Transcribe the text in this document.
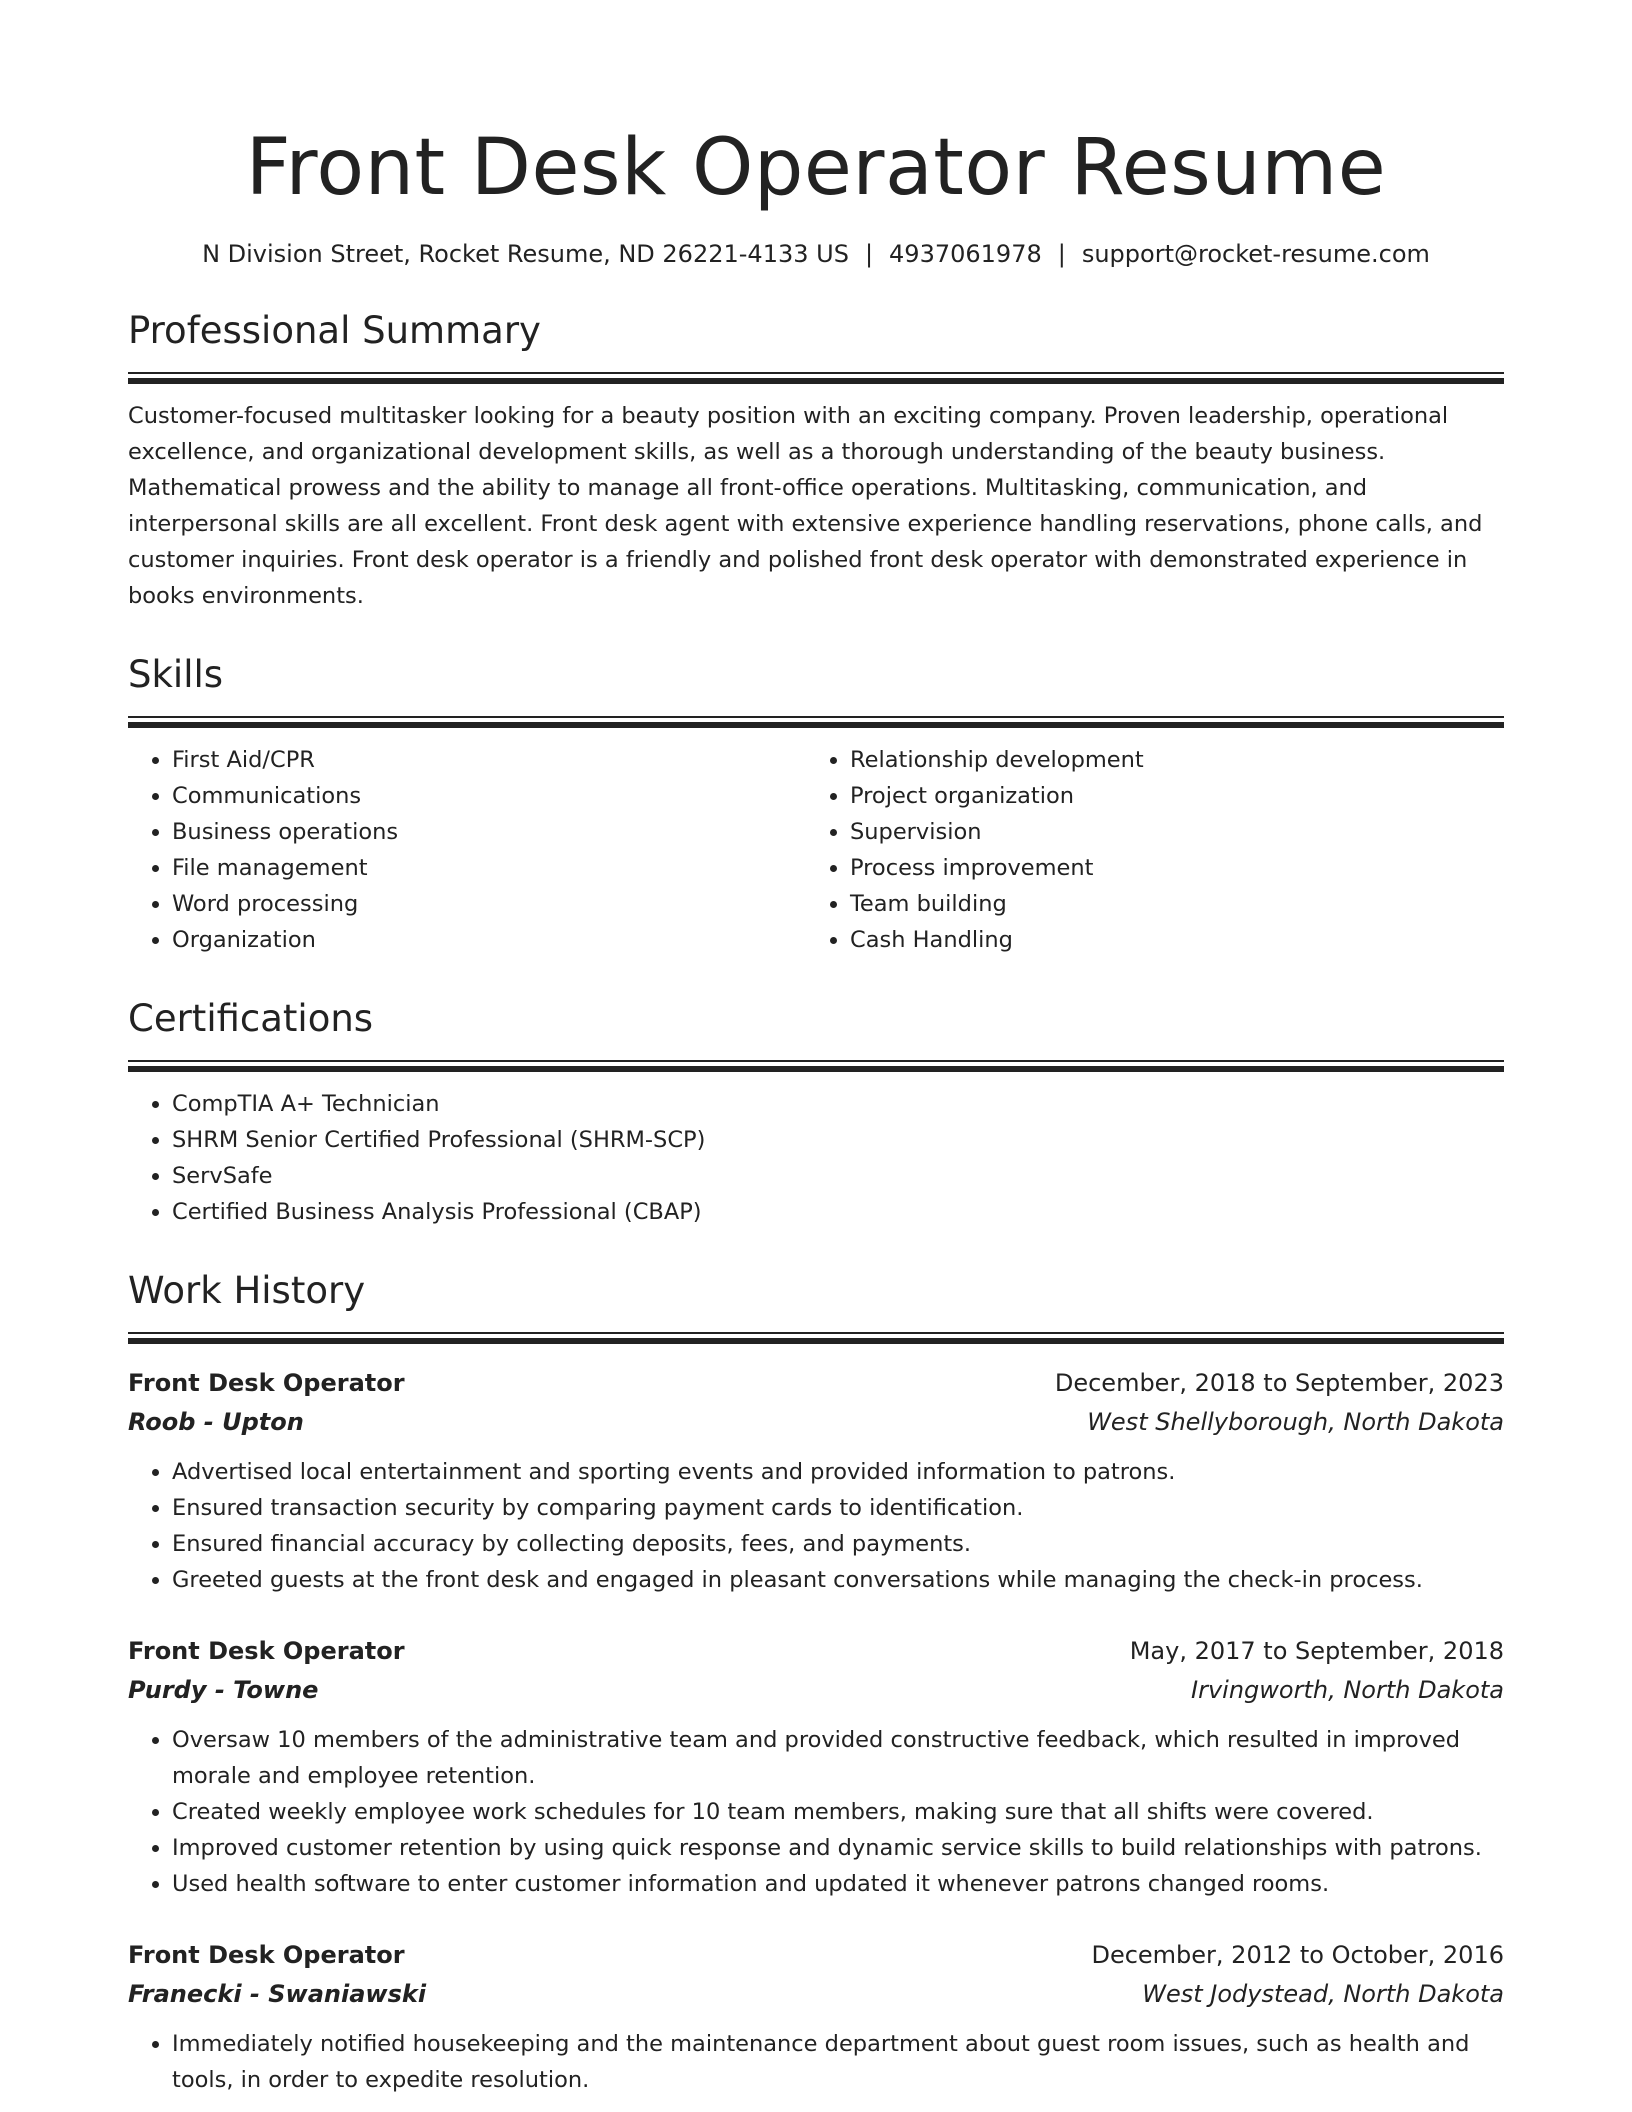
Front Desk Operator Resume
N Division Street, Rocket Resume, ND 26221-4133 US | 4937061978 | support@rocket-resume.com
Professional Summary

Customer-focused multitasker looking for a beauty position with an exciting company. Proven leadership, operational excellence, and organizational development skills, as well as a thorough understanding of the beauty business. Mathematical prowess and the ability to manage all front-office operations. Multitasking, communication, and interpersonal skills are all excellent. Front desk agent with extensive experience handling reservations, phone calls, and customer inquiries. Front desk operator is a friendly and polished front desk operator with demonstrated experience in books environments.

Skills
• First Aid/CPR
• Communications
• Business operations
• File management
• Word processing
• Organization
• Relationship development
• Project organization
• Supervision
• Process improvement
• Team building
• Cash Handling
Certifications
• CompTIA A+ Technician
• SHRM Senior Certified Professional (SHRM-SCP)
• ServSafe
• Certified Business Analysis Professional (CBAP)
Work History
Front Desk Operator	December, 2018 to September, 2023
Roob - Upton	West Shellyborough, North Dakota
• Advertised local entertainment and sporting events and provided information to patrons.
• Ensured transaction security by comparing payment cards to identification.
• Ensured financial accuracy by collecting deposits, fees, and payments.
• Greeted guests at the front desk and engaged in pleasant conversations while managing the check-in process.
Front Desk Operator	May, 2017 to September, 2018
Purdy - Towne	Irvingworth, North Dakota
• Oversaw 10 members of the administrative team and provided constructive feedback, which resulted in improved morale and employee retention.
• Created weekly employee work schedules for 10 team members, making sure that all shifts were covered.
• Improved customer retention by using quick response and dynamic service skills to build relationships with patrons.
• Used health software to enter customer information and updated it whenever patrons changed rooms.
Front Desk Operator	December, 2012 to October, 2016
Franecki - Swaniawski	West Jodystead, North Dakota
• Immediately notified housekeeping and the maintenance department about guest room issues, such as health and tools, in order to expedite resolution.
